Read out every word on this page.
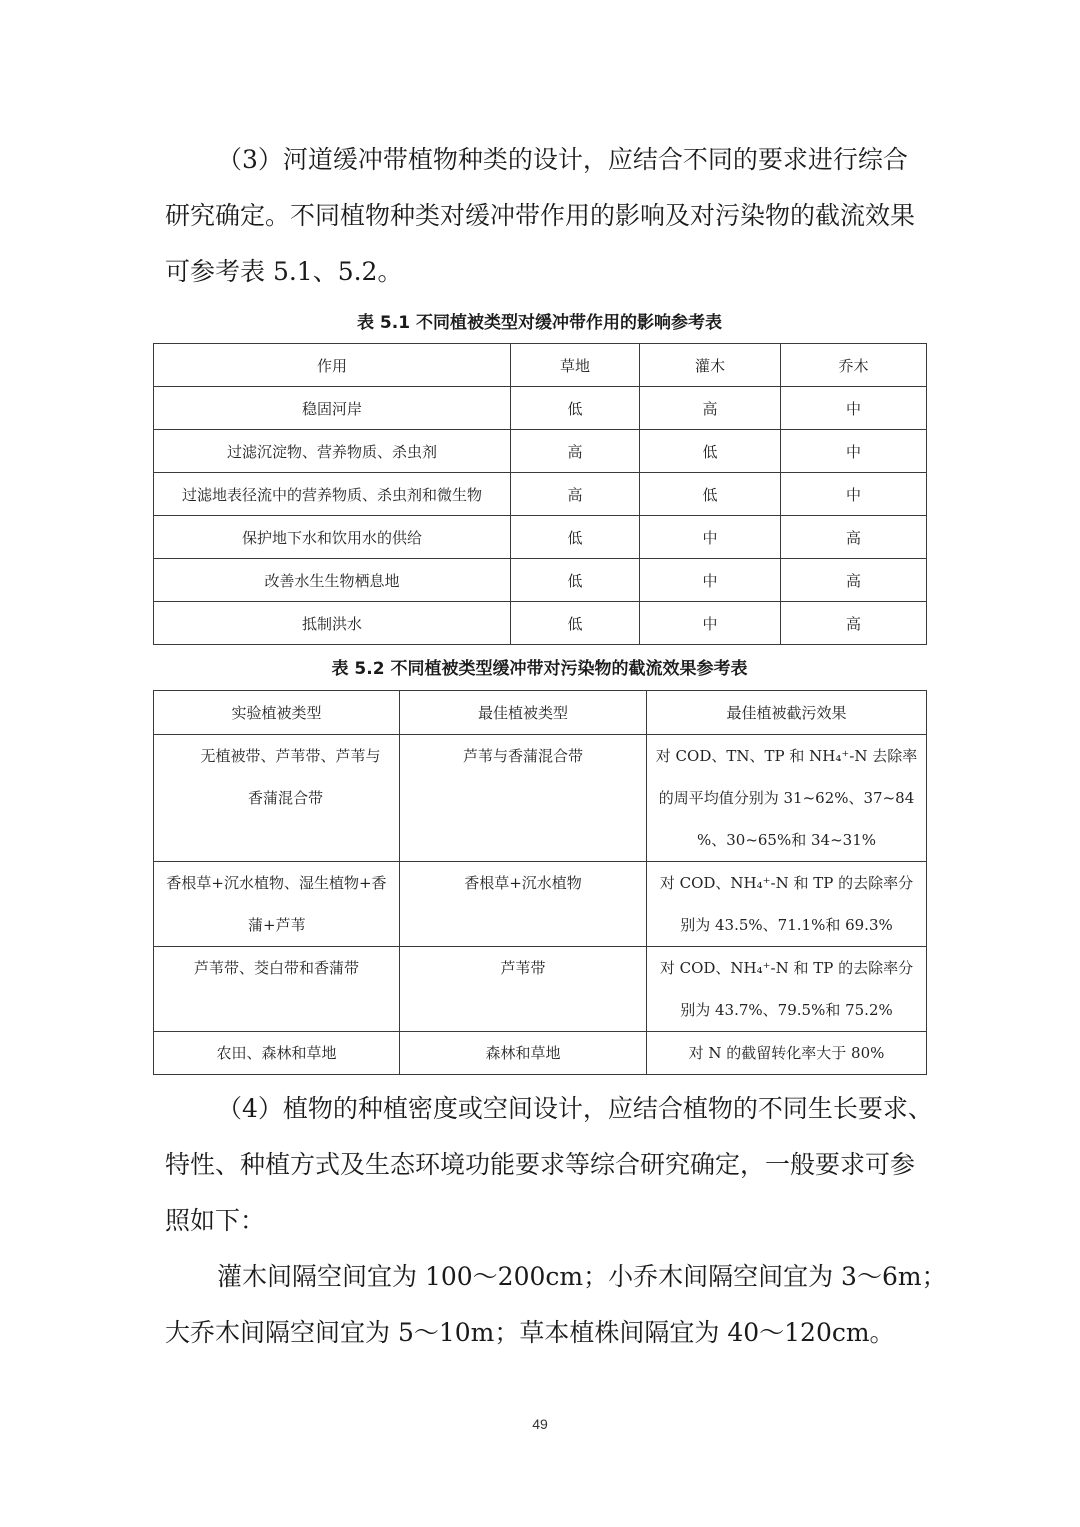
（3）河道缓冲带植物种类的设计，应结合不同的要求进行综合
研究确定。不同植物种类对缓冲带作用的影响及对污染物的截流效果
可参考表 5.1、5.2。

表 5.1 不同植被类型对缓冲带作用的影响参考表

作用	草地	灌木	乔木
稳固河岸	低	高	中
过滤沉淀物、营养物质、杀虫剂	高	低	中
过滤地表径流中的营养物质、杀虫剂和微生物	高	低	中
保护地下水和饮用水的供给	低	中	高
改善水生生物栖息地	低	中	高
抵制洪水	低	中	高

表 5.2 不同植被类型缓冲带对污染物的截流效果参考表

实验植被类型	最佳植被类型	最佳植被截污效果

无植被带、芦苇带、芦苇与
香蒲混合带	芦苇与香蒲混合带	对 COD、TN、TP 和 NH₄⁺-N 去除率
的周平均值分别为 31~62%、37~84
%、30~65%和 34~31%

香根草+沉水植物、湿生植物+香
蒲+芦苇	香根草+沉水植物	对 COD、NH₄⁺-N 和 TP 的去除率分
别为 43.5%、71.1%和 69.3%

芦苇带、茭白带和香蒲带	芦苇带	对 COD、NH₄⁺-N 和 TP 的去除率分
别为 43.7%、79.5%和 75.2%

农田、森林和草地	森林和草地	对 N 的截留转化率大于 80%

（4）植物的种植密度或空间设计，应结合植物的不同生长要求、
特性、种植方式及生态环境功能要求等综合研究确定，一般要求可参
照如下：

灌木间隔空间宜为 100～200cm；小乔木间隔空间宜为 3～6m；
大乔木间隔空间宜为 5～10m；草本植株间隔宜为 40～120cm。

49
